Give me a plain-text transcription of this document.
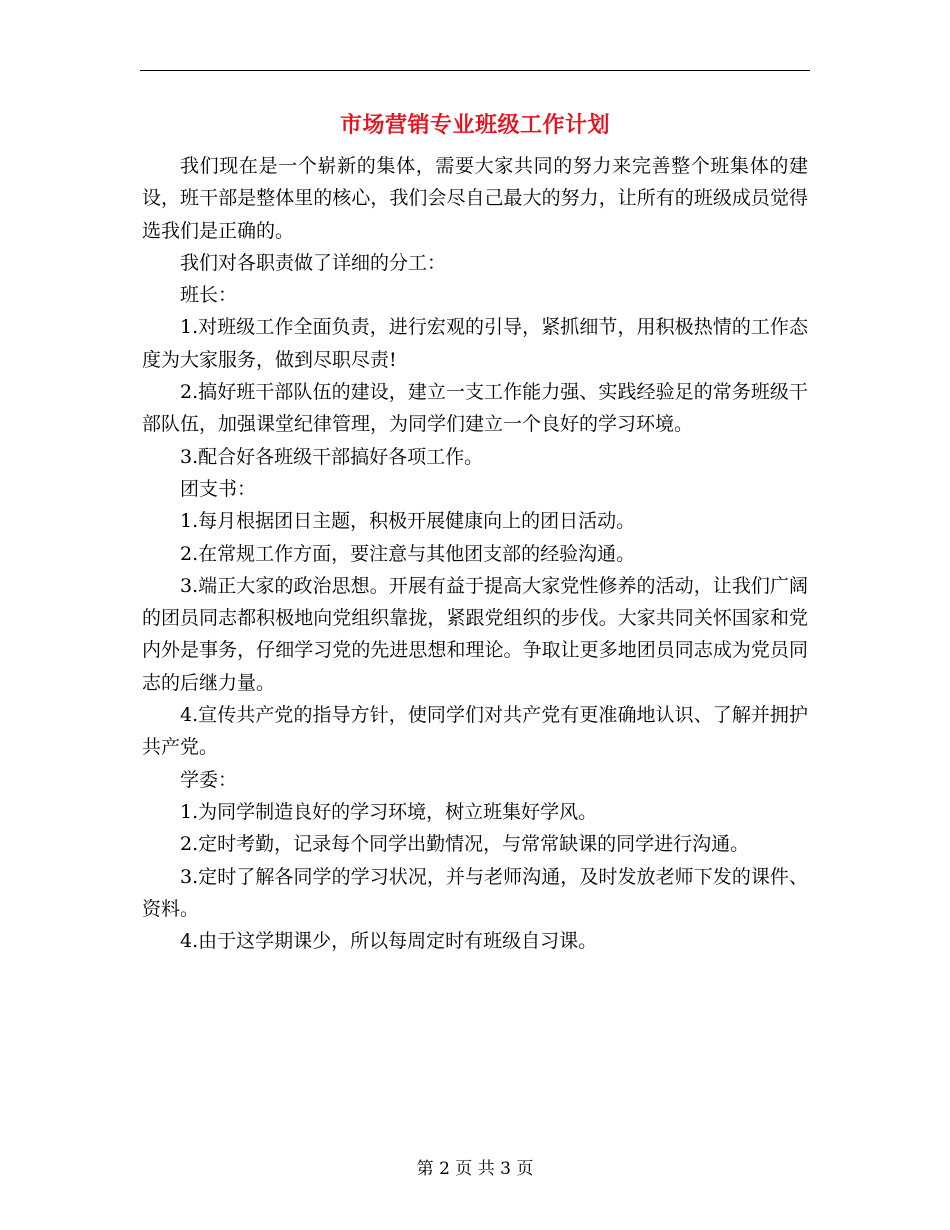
市场营销专业班级工作计划

我们现在是一个崭新的集体，需要大家共同的努力来完善整个班集体的建设，班干部是整体里的核心，我们会尽自己最大的努力，让所有的班级成员觉得选我们是正确的。

我们对各职责做了详细的分工：

班长：

1.对班级工作全面负责，进行宏观的引导，紧抓细节，用积极热情的工作态度为大家服务，做到尽职尽责!

2.搞好班干部队伍的建设，建立一支工作能力强、实践经验足的常务班级干部队伍，加强课堂纪律管理，为同学们建立一个良好的学习环境。

3.配合好各班级干部搞好各项工作。

团支书：

1.每月根据团日主题，积极开展健康向上的团日活动。

2.在常规工作方面，要注意与其他团支部的经验沟通。

3.端正大家的政治思想。开展有益于提高大家党性修养的活动，让我们广阔的团员同志都积极地向党组织靠拢，紧跟党组织的步伐。大家共同关怀国家和党内外是事务，仔细学习党的先进思想和理论。争取让更多地团员同志成为党员同志的后继力量。

4.宣传共产党的指导方针，使同学们对共产党有更准确地认识、了解并拥护共产党。

学委：

1.为同学制造良好的学习环境，树立班集好学风。

2.定时考勤，记录每个同学出勤情况，与常常缺课的同学进行沟通。

3.定时了解各同学的学习状况，并与老师沟通，及时发放老师下发的课件、资料。

4.由于这学期课少，所以每周定时有班级自习课。

第 2 页 共 3 页
